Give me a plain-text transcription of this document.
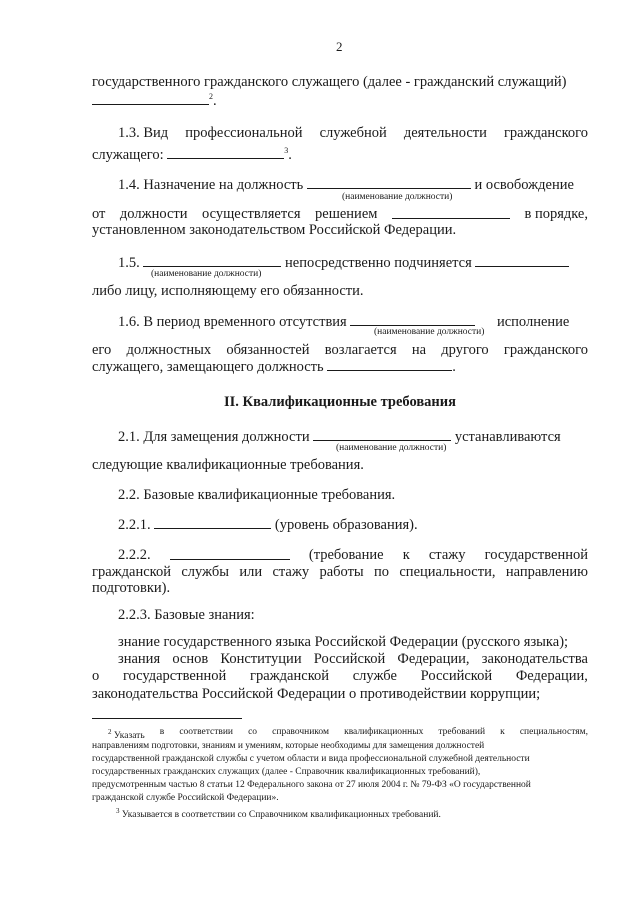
2
государственного гражданского служащего (далее - гражданский служащий)
$^2$.
1.3. Вид профессиональной служебной деятельности гражданского
служащего:	$^3$.
1.4. Назначение на должность	и освобождение
(наименование должности)
от должности осуществляется решением	в порядке,
установленном законодательством Российской Федерации.
1.5.	непосредственно подчиняется
(наименование должности)
либо лицу, исполняющему его обязанности.
1.6. В период временного отсутствия	исполнение
(наименование должности)
его должностных обязанностей возлагается на другого гражданского
служащего, замещающего должность	.
II. Квалификационные требования
2.1. Для замещения должности	устанавливаются
(наименование должности)
следующие квалификационные требования.
2.2. Базовые квалификационные требования.
2.2.1.	(уровень образования).
2.2.2.	(требование к стажу государственной
гражданской службы или стажу работы по специальности, направлению
подготовки).
2.2.3. Базовые знания:
знание государственного языка Российской Федерации (русского языка);
знания основ Конституции Российской Федерации, законодательства
о государственной гражданской службе Российской Федерации,
законодательства Российской Федерации о противодействии коррупции;
$^2$ Указать в соответствии со справочником квалификационных требований к специальностям,
направлениям подготовки, знаниям и умениям, которые необходимы для замещения должностей
государственной гражданской службы с учетом области и вида профессиональной служебной деятельности
государственных гражданских служащих (далее - Справочник квалификационных требований),
предусмотренным частью 8 статьи 12 Федерального закона от 27 июля 2004 г. № 79-ФЗ «О государственной
гражданской службе Российской Федерации».
$^3$ Указывается в соответствии со Справочником квалификационных требований.
